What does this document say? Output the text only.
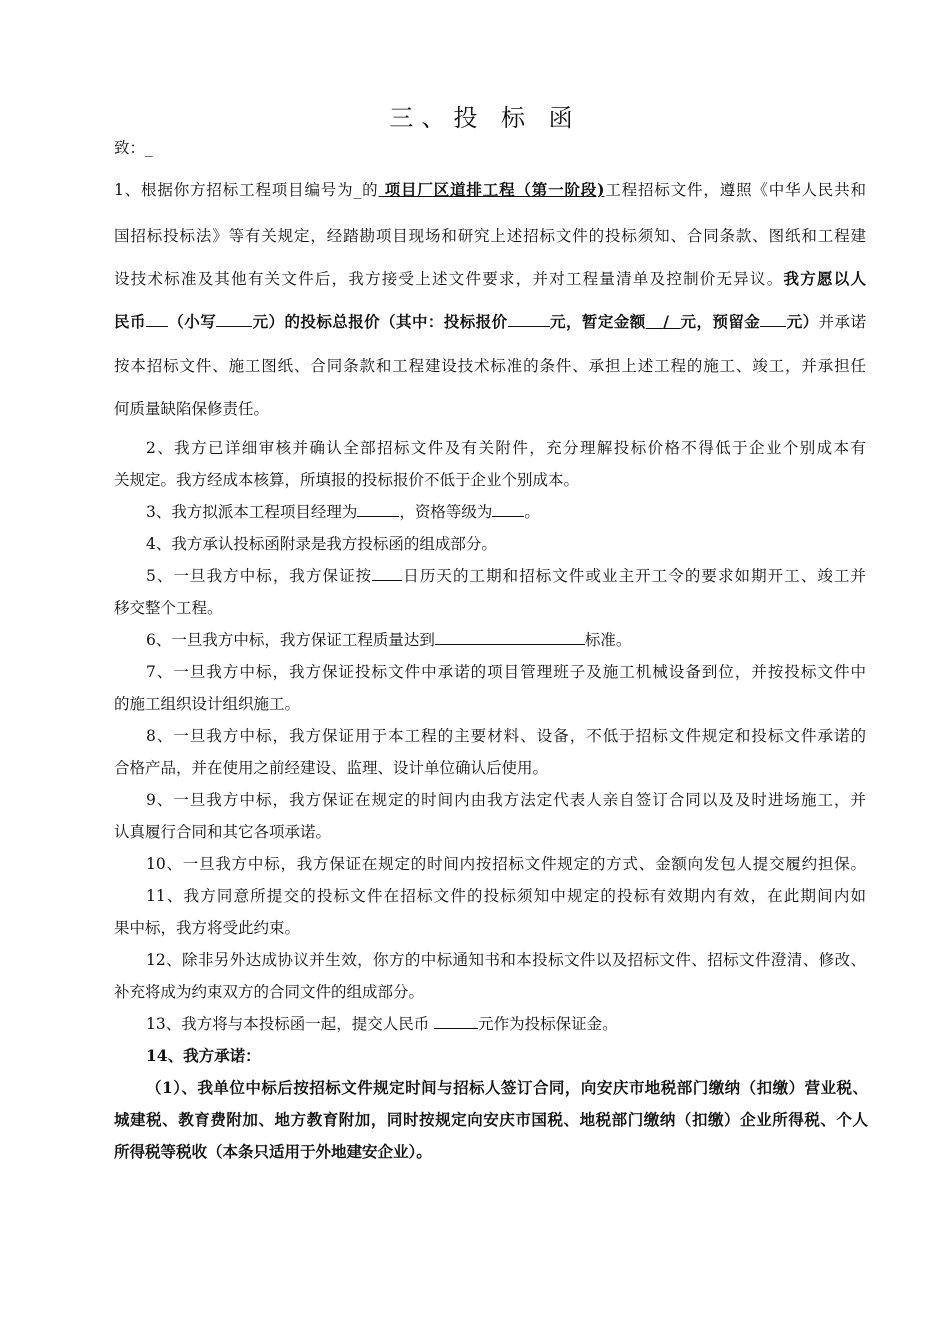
三、投 标 函
致：_
1、根据你方招标工程项目编号为_的 项目厂区道排工程（第一阶段)工程招标文件，遵照《中华人民共和
国招标投标法》等有关规定，经踏勘项目现场和研究上述招标文件的投标须知、合同条款、图纸和工程建
设技术标准及其他有关文件后，我方接受上述文件要求，并对工程量清单及控制价无异议。我方愿以人
民币 （小写 元）的投标总报价（其中：投标报价	元，暂定金额 / 元，预留金 元）并承诺
按本招标文件、施工图纸、合同条款和工程建设技术标准的条件、承担上述工程的施工、竣工，并承担任
何质量缺陷保修责任。
2、我方已详细审核并确认全部招标文件及有关附件，充分理解投标价格不得低于企业个别成本有
关规定。我方经成本核算，所填报的投标报价不低于企业个别成本。
3、我方拟派本工程项目经理为	，资格等级为 。
4、我方承认投标函附录是我方投标函的组成部分。
5、一旦我方中标，我方保证按 日历天的工期和招标文件或业主开工令的要求如期开工、竣工并
移交整个工程。
6、一旦我方中标，我方保证工程质量达到	标准。
7、一旦我方中标，我方保证投标文件中承诺的项目管理班子及施工机械设备到位，并按投标文件中
的施工组织设计组织施工。
8、一旦我方中标，我方保证用于本工程的主要材料、设备，不低于招标文件规定和投标文件承诺的
合格产品，并在使用之前经建设、监理、设计单位确认后使用。
9、一旦我方中标，我方保证在规定的时间内由我方法定代表人亲自签订合同以及及时进场施工，并
认真履行合同和其它各项承诺。
10、一旦我方中标，我方保证在规定的时间内按招标文件规定的方式、金额向发包人提交履约担保。
11、我方同意所提交的投标文件在招标文件的投标须知中规定的投标有效期内有效，在此期间内如
果中标，我方将受此约束。
12、除非另外达成协议并生效，你方的中标通知书和本投标文件以及招标文件、招标文件澄清、修改、
补充将成为约束双方的合同文件的组成部分。
13、我方将与本投标函一起，提交人民币	元作为投标保证金。
14、我方承诺：
（1）、我单位中标后按招标文件规定时间与招标人签订合同，向安庆市地税部门缴纳（扣缴）营业税、
城建税、教育费附加、地方教育附加，同时按规定向安庆市国税、地税部门缴纳（扣缴）企业所得税、个人
所得税等税收（本条只适用于外地建安企业）。
